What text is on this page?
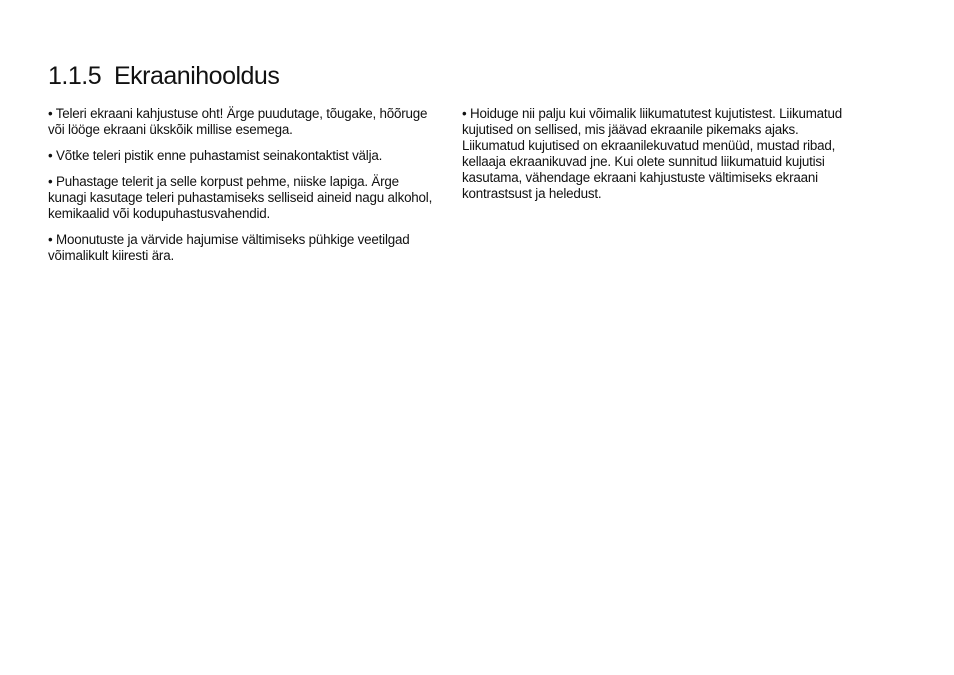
1.1.5 Ekraanihooldus

• Teleri ekraani kahjustuse oht! Ärge puudutage, tõugake, hõõruge või lööge ekraani ükskõik millise esemega.

• Võtke teleri pistik enne puhastamist seinakontaktist välja.

• Puhastage telerit ja selle korpust pehme, niiske lapiga. Ärge kunagi kasutage teleri puhastamiseks selliseid aineid nagu alkohol, kemikaalid või kodupuhastusvahendid.

• Moonutuste ja värvide hajumise vältimiseks pühkige veetilgad võimalikult kiiresti ära.

• Hoiduge nii palju kui võimalik liikumatutest kujutistest. Liikumatud kujutised on sellised, mis jäävad ekraanile pikemaks ajaks. Liikumatud kujutised on ekraanilekuvatud menüüd, mustad ribad, kellaaja ekraanikuvad jne. Kui olete sunnitud liikumatuid kujutisi kasutama, vähendage ekraani kahjustuste vältimiseks ekraani kontrastsust ja heledust.
